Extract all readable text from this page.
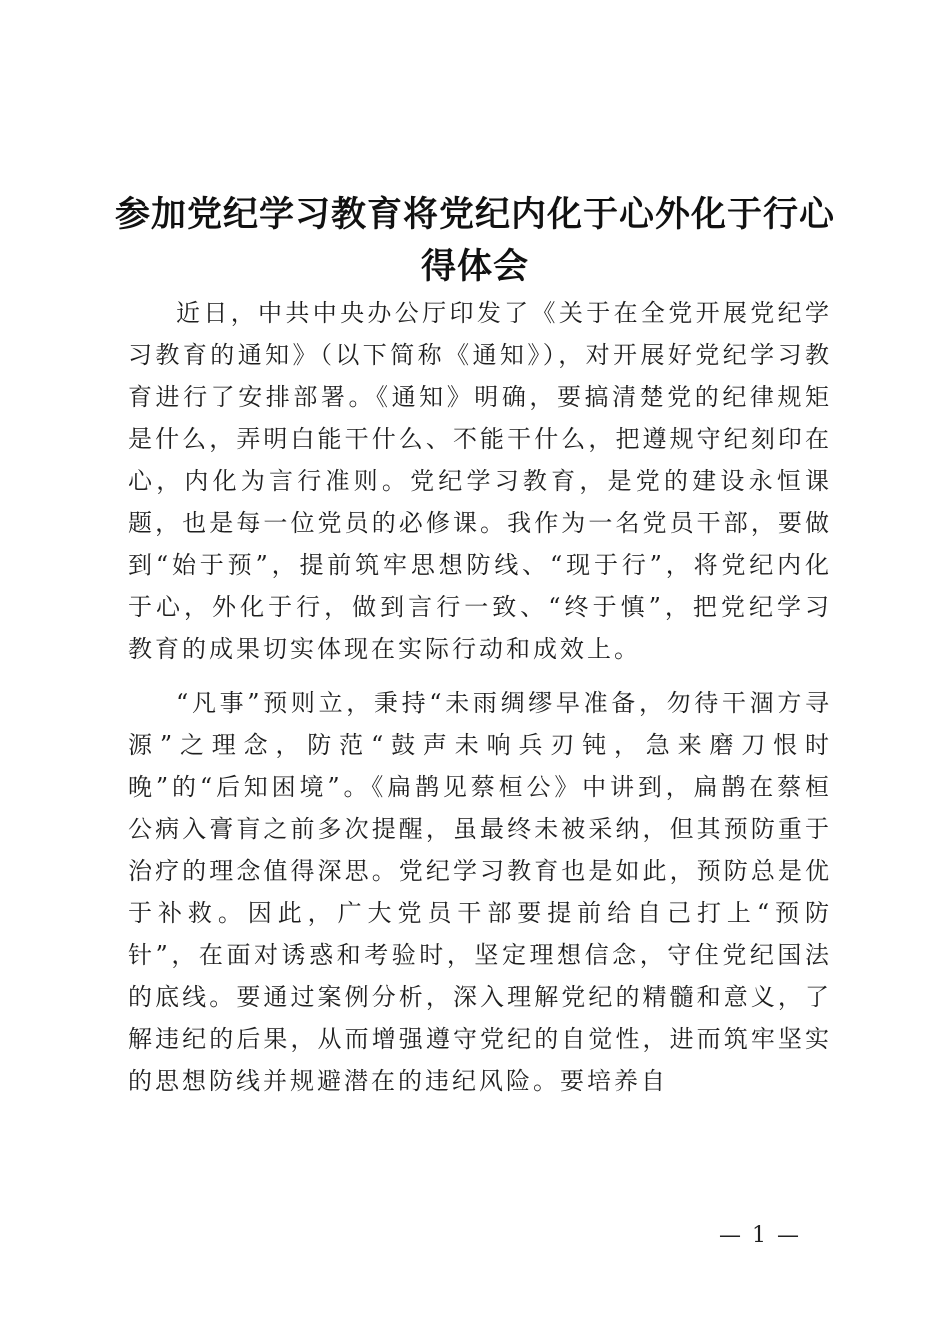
参加党纪学习教育将党纪内化于心外化于行心得体会

近日，中共中央办公厅印发了《关于在全党开展党纪学习教育的通知》（以下简称《通知》），对开展好党纪学习教育进行了安排部署。《通知》明确，要搞清楚党的纪律规矩是什么，弄明白能干什么、不能干什么，把遵规守纪刻印在心，内化为言行准则。党纪学习教育，是党的建设永恒课题，也是每一位党员的必修课。我作为一名党员干部，要做到“始于预”，提前筑牢思想防线、“现于行”，将党纪内化于心，外化于行，做到言行一致、“终于慎”，把党纪学习教育的成果切实体现在实际行动和成效上。

“凡事”预则立，秉持“未雨绸缪早准备，勿待干涸方寻源”之理念，防范“鼓声未响兵刃钝，急来磨刀恨时晚”的“后知困境”。《扁鹊见蔡桓公》中讲到，扁鹊在蔡桓公病入膏肓之前多次提醒，虽最终未被采纳，但其预防重于治疗的理念值得深思。党纪学习教育也是如此，预防总是优于补救。因此，广大党员干部要提前给自己打上“预防针”，在面对诱惑和考验时，坚定理想信念，守住党纪国法的底线。要通过案例分析，深入理解党纪的精髓和意义，了解违纪的后果，从而增强遵守党纪的自觉性，进而筑牢坚实的思想防线并规避潜在的违纪风险。要培养自

— 1 —
